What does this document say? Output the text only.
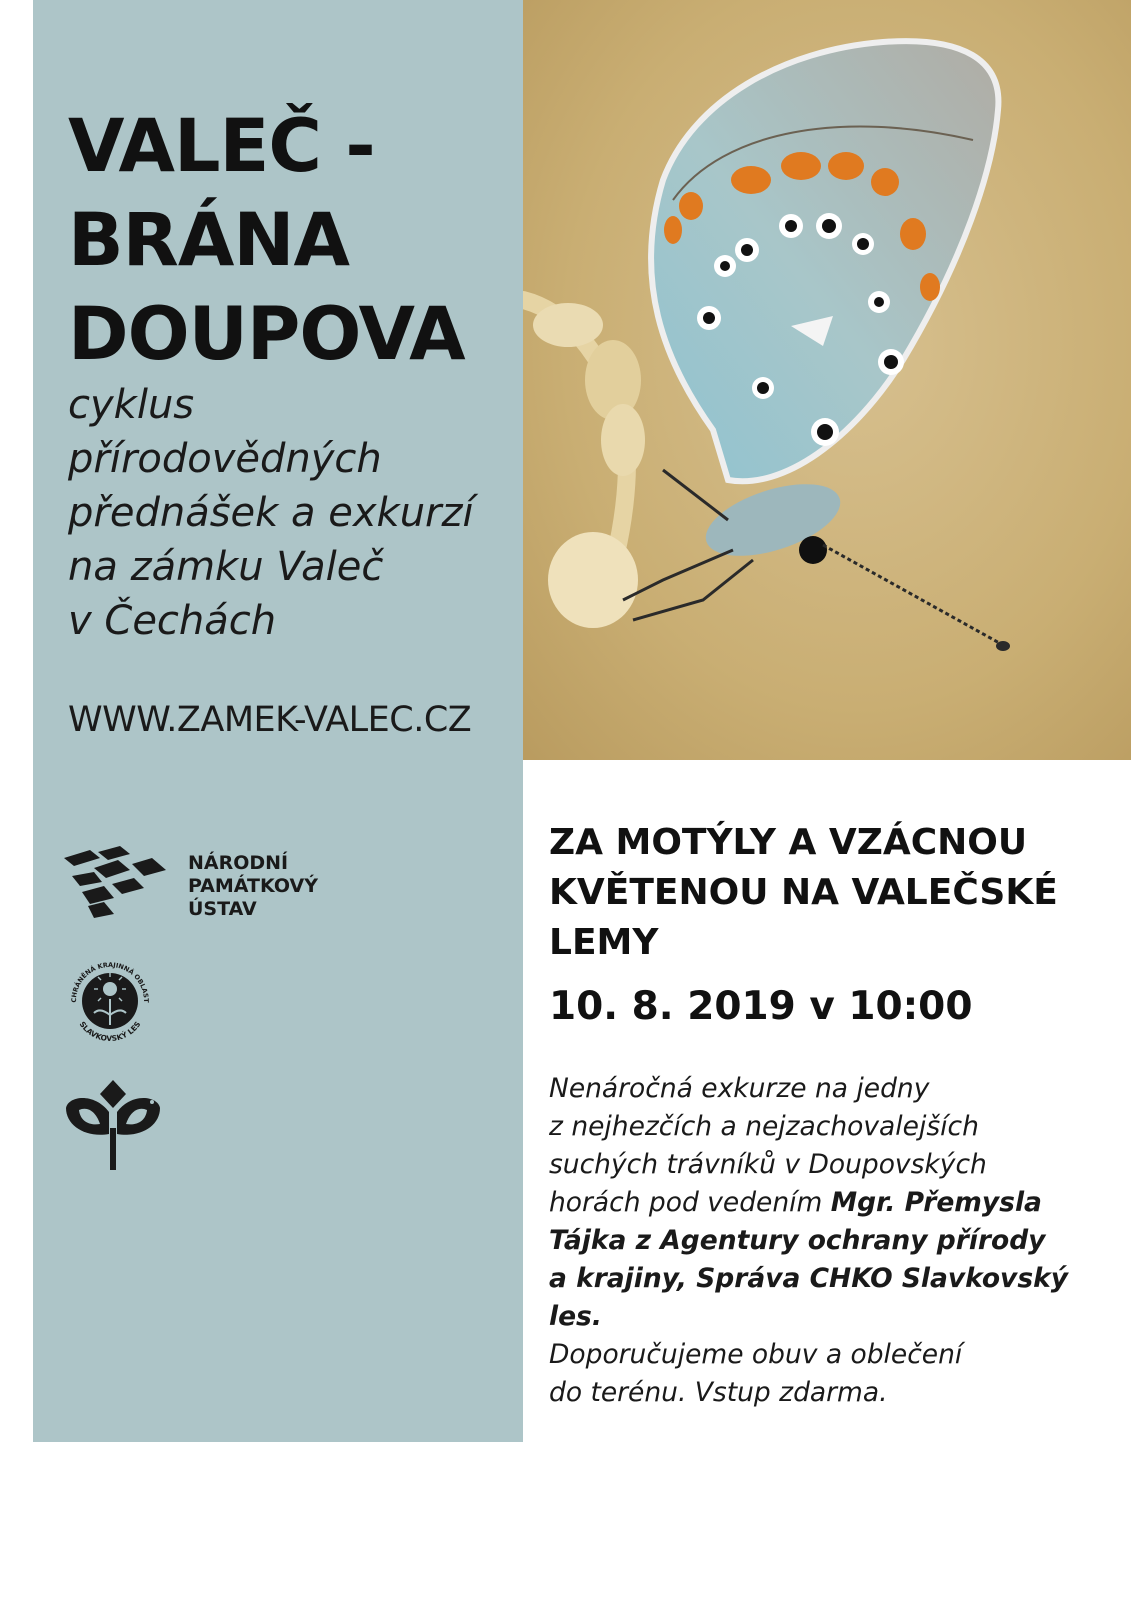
VALEČ -
BRÁNA
DOUPOVA
cyklus
přírodovědných
přednášek a exkurzí
na zámku Valeč
v Čechách
WWW.ZAMEK-VALEC.CZ
NÁRODNÍ
PAMÁTKOVÝ
ÚSTAV
CHRÁNĚNÁ KRAJINNÁ OBLAST
SLAVKOVSKÝ LES
ZA MOTÝLY A VZÁCNOU
KVĚTENOU NA VALEČSKÉ
LEMY
10. 8. 2019 v 10:00
Nenáročná exkurze na jedny
z nejhezčích a nejzachovalejších
suchých trávníků v Doupovských
horách pod vedením Mgr. Přemysla
Tájka z Agentury ochrany přírody
a krajiny, Správa CHKO Slavkovský
les.
Doporučujeme obuv a oblečení
do terénu. Vstup zdarma.
